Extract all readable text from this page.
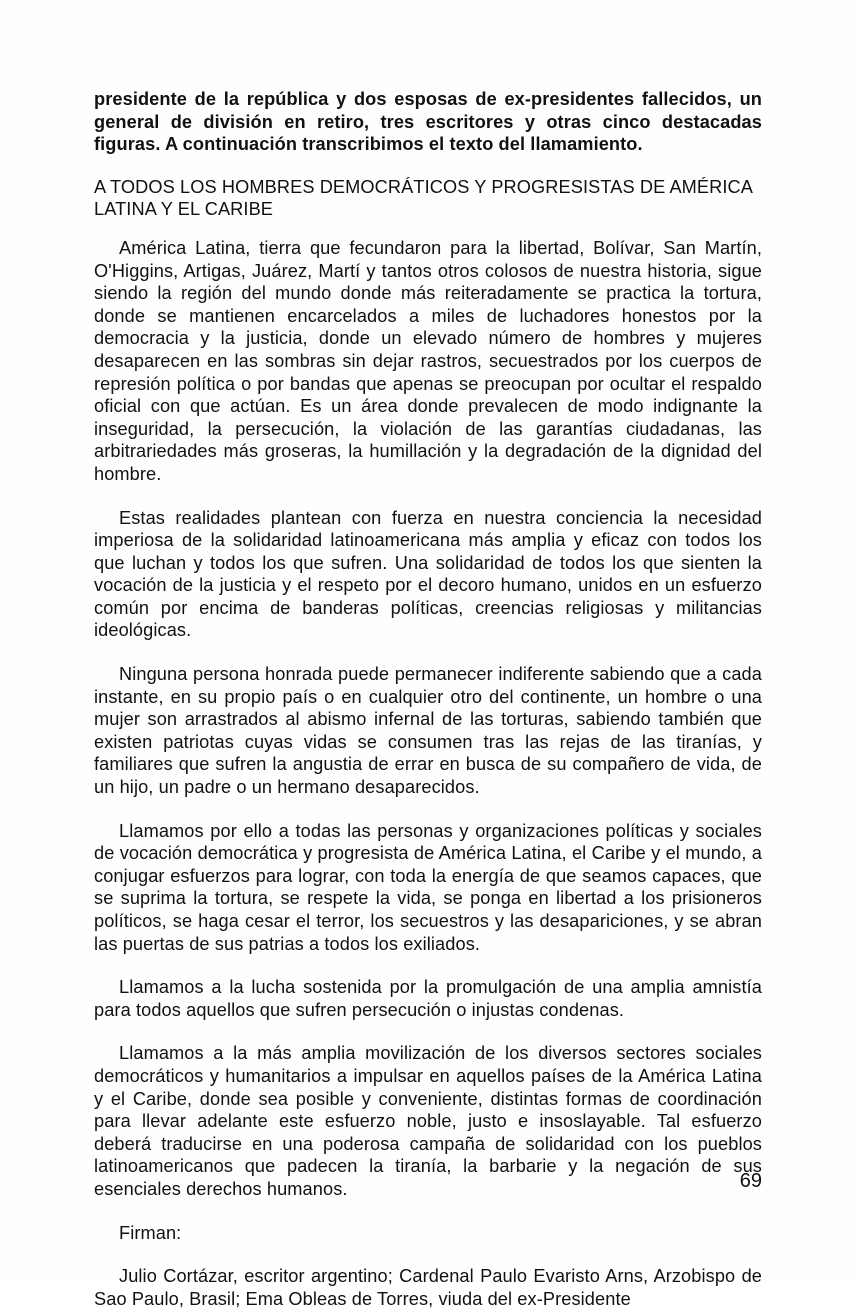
presidente de la república y dos esposas de ex-presidentes fallecidos, un general de división en retiro, tres escritores y otras cinco destacadas figuras. A continuación transcribimos el texto del llamamiento.

A TODOS LOS HOMBRES DEMOCRÁTICOS Y PROGRESISTAS DE AMÉRICA LATINA Y EL CARIBE

América Latina, tierra que fecundaron para la libertad, Bolívar, San Martín, O'Higgins, Artigas, Juárez, Martí y tantos otros colosos de nuestra historia, sigue siendo la región del mundo donde más reiteradamente se practica la tortura, donde se mantienen encarcelados a miles de luchadores honestos por la democracia y la justicia, donde un elevado número de hombres y mujeres desaparecen en las sombras sin dejar rastros, secuestrados por los cuerpos de represión política o por bandas que apenas se preocupan por ocultar el respaldo oficial con que actúan. Es un área donde prevalecen de modo indignante la inseguridad, la persecución, la violación de las garantías ciudadanas, las arbitrariedades más groseras, la humillación y la degradación de la dignidad del hombre.

Estas realidades plantean con fuerza en nuestra conciencia la necesidad imperiosa de la solidaridad latinoamericana más amplia y eficaz con todos los que luchan y todos los que sufren. Una solidaridad de todos los que sienten la vocación de la justicia y el respeto por el decoro humano, unidos en un esfuerzo común por encima de banderas políticas, creencias religiosas y militancias ideológicas.

Ninguna persona honrada puede permanecer indiferente sabiendo que a cada instante, en su propio país o en cualquier otro del continente, un hombre o una mujer son arrastrados al abismo infernal de las torturas, sabiendo también que existen patriotas cuyas vidas se consumen tras las rejas de las tiranías, y familiares que sufren la angustia de errar en busca de su compañero de vida, de un hijo, un padre o un hermano desaparecidos.

Llamamos por ello a todas las personas y organizaciones políticas y sociales de vocación democrática y progresista de América Latina, el Caribe y el mundo, a conjugar esfuerzos para lograr, con toda la energía de que seamos capaces, que se suprima la tortura, se respete la vida, se ponga en libertad a los prisioneros políticos, se haga cesar el terror, los secuestros y las desapariciones, y se abran las puertas de sus patrias a todos los exiliados.

Llamamos a la lucha sostenida por la promulgación de una amplia amnistía para todos aquellos que sufren persecución o injustas condenas.

Llamamos a la más amplia movilización de los diversos sectores sociales democráticos y humanitarios a impulsar en aquellos países de la América Latina y el Caribe, donde sea posible y conveniente, distintas formas de coordinación para llevar adelante este esfuerzo noble, justo e insoslayable. Tal esfuerzo deberá traducirse en una poderosa campaña de solidaridad con los pueblos latinoamericanos que padecen la tiranía, la barbarie y la negación de sus esenciales derechos humanos.

Firman:

Julio Cortázar, escritor argentino; Cardenal Paulo Evaristo Arns, Arzobispo de Sao Paulo, Brasil; Ema Obleas de Torres, viuda del ex-Presidente

69
